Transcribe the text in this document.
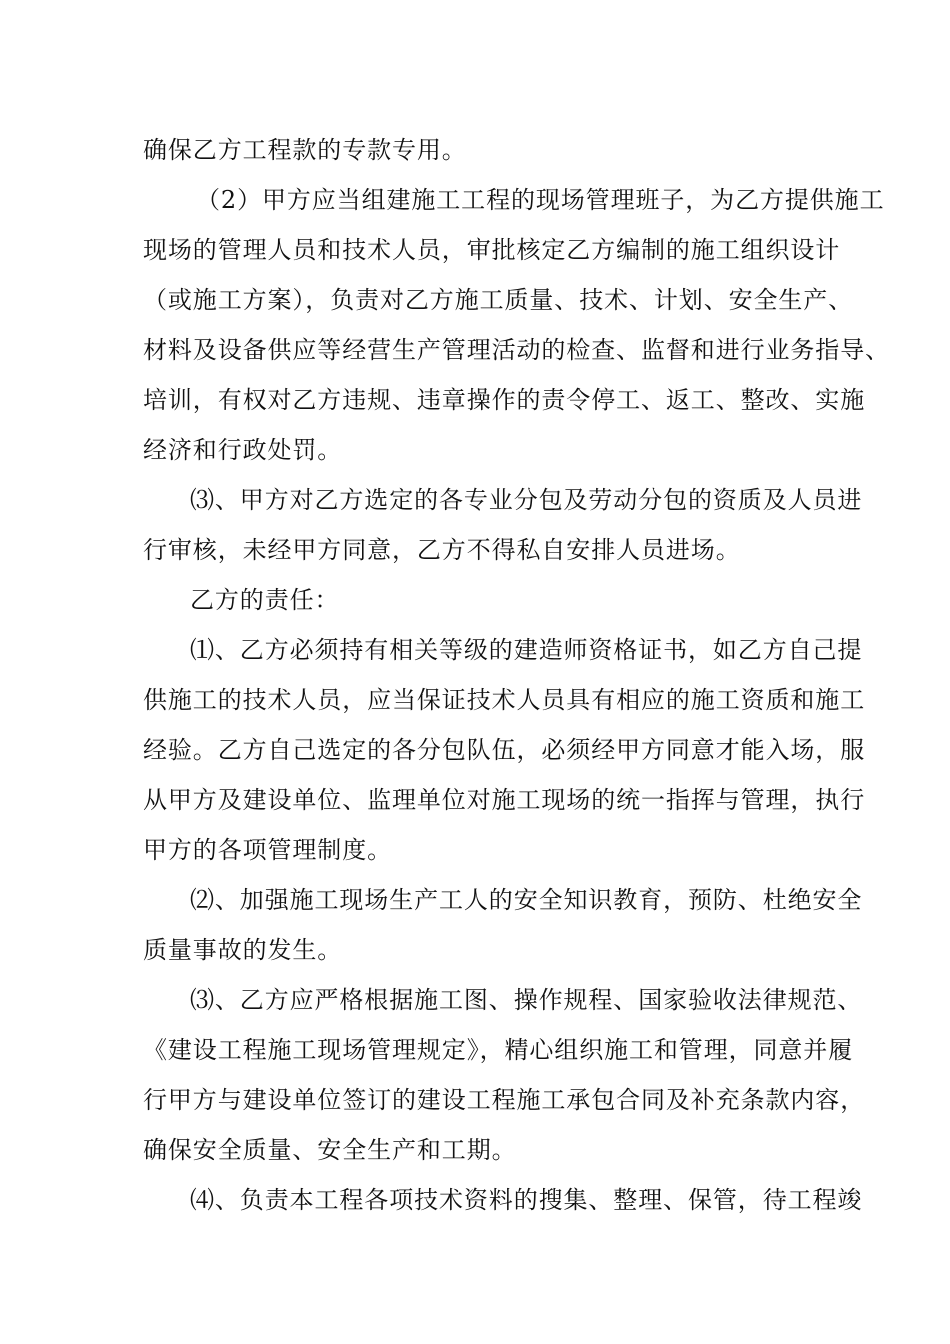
确保乙方工程款的专款专用。
（2）甲方应当组建施工工程的现场管理班子，为乙方提供施工
现场的管理人员和技术人员，审批核定乙方编制的施工组织设计
（或施工方案），负责对乙方施工质量、技术、计划、安全生产、
材料及设备供应等经营生产管理活动的检查、监督和进行业务指导、
培训，有权对乙方违规、违章操作的责令停工、返工、整改、实施
经济和行政处罚。
⑶、甲方对乙方选定的各专业分包及劳动分包的资质及人员进
行审核，未经甲方同意，乙方不得私自安排人员进场。
乙方的责任：
⑴、乙方必须持有相关等级的建造师资格证书，如乙方自己提
供施工的技术人员，应当保证技术人员具有相应的施工资质和施工
经验。乙方自己选定的各分包队伍，必须经甲方同意才能入场，服
从甲方及建设单位、监理单位对施工现场的统一指挥与管理，执行
甲方的各项管理制度。
⑵、加强施工现场生产工人的安全知识教育，预防、杜绝安全
质量事故的发生。
⑶、乙方应严格根据施工图、操作规程、国家验收法律规范、
《建设工程施工现场管理规定》，精心组织施工和管理，同意并履
行甲方与建设单位签订的建设工程施工承包合同及补充条款内容，
确保安全质量、安全生产和工期。
⑷、负责本工程各项技术资料的搜集、整理、保管，待工程竣
